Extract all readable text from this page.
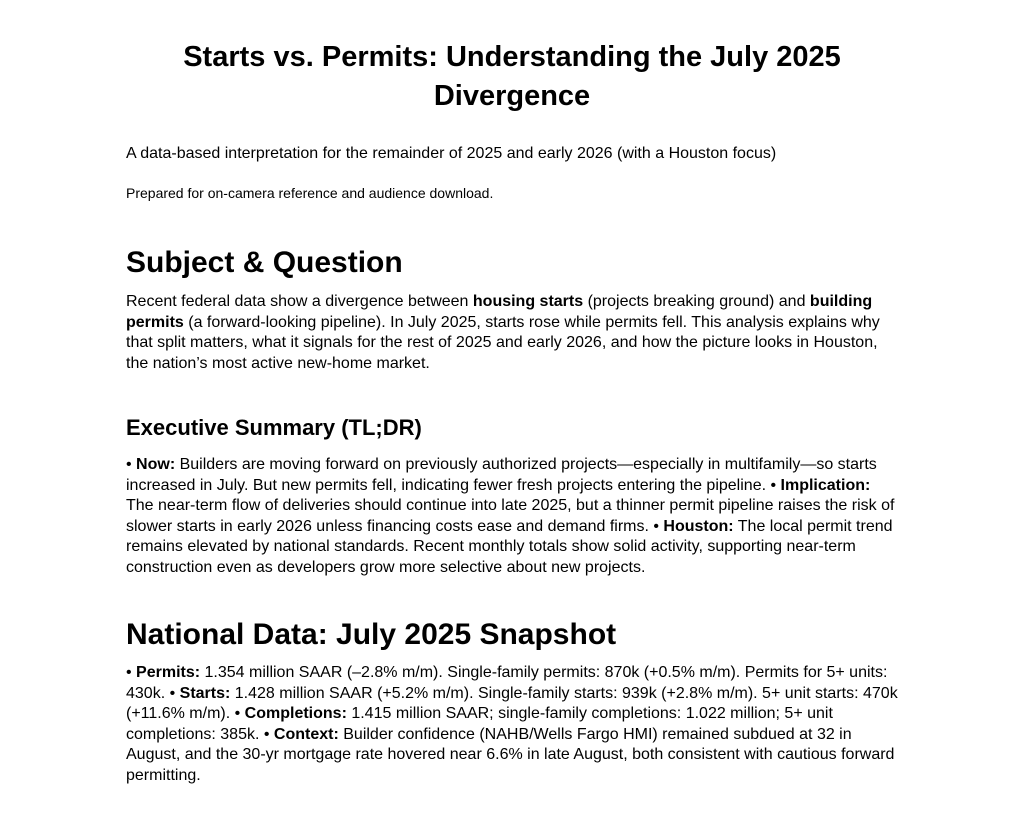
Starts vs. Permits: Understanding the July 2025 Divergence

A data-based interpretation for the remainder of 2025 and early 2026 (with a Houston focus)

Prepared for on-camera reference and audience download.

Subject & Question

Recent federal data show a divergence between housing starts (projects breaking ground) and building permits (a forward-looking pipeline). In July 2025, starts rose while permits fell. This analysis explains why that split matters, what it signals for the rest of 2025 and early 2026, and how the picture looks in Houston, the nation’s most active new-home market.

Executive Summary (TL;DR)

• Now: Builders are moving forward on previously authorized projects—especially in multifamily—so starts increased in July. But new permits fell, indicating fewer fresh projects entering the pipeline. • Implication: The near-term flow of deliveries should continue into late 2025, but a thinner permit pipeline raises the risk of slower starts in early 2026 unless financing costs ease and demand firms. • Houston: The local permit trend remains elevated by national standards. Recent monthly totals show solid activity, supporting near-term construction even as developers grow more selective about new projects.

National Data: July 2025 Snapshot

• Permits: 1.354 million SAAR (–2.8% m/m). Single-family permits: 870k (+0.5% m/m). Permits for 5+ units: 430k. • Starts: 1.428 million SAAR (+5.2% m/m). Single-family starts: 939k (+2.8% m/m). 5+ unit starts: 470k (+11.6% m/m). • Completions: 1.415 million SAAR; single-family completions: 1.022 million; 5+ unit completions: 385k. • Context: Builder confidence (NAHB/Wells Fargo HMI) remained subdued at 32 in August, and the 30-yr mortgage rate hovered near 6.6% in late August, both consistent with cautious forward permitting.
